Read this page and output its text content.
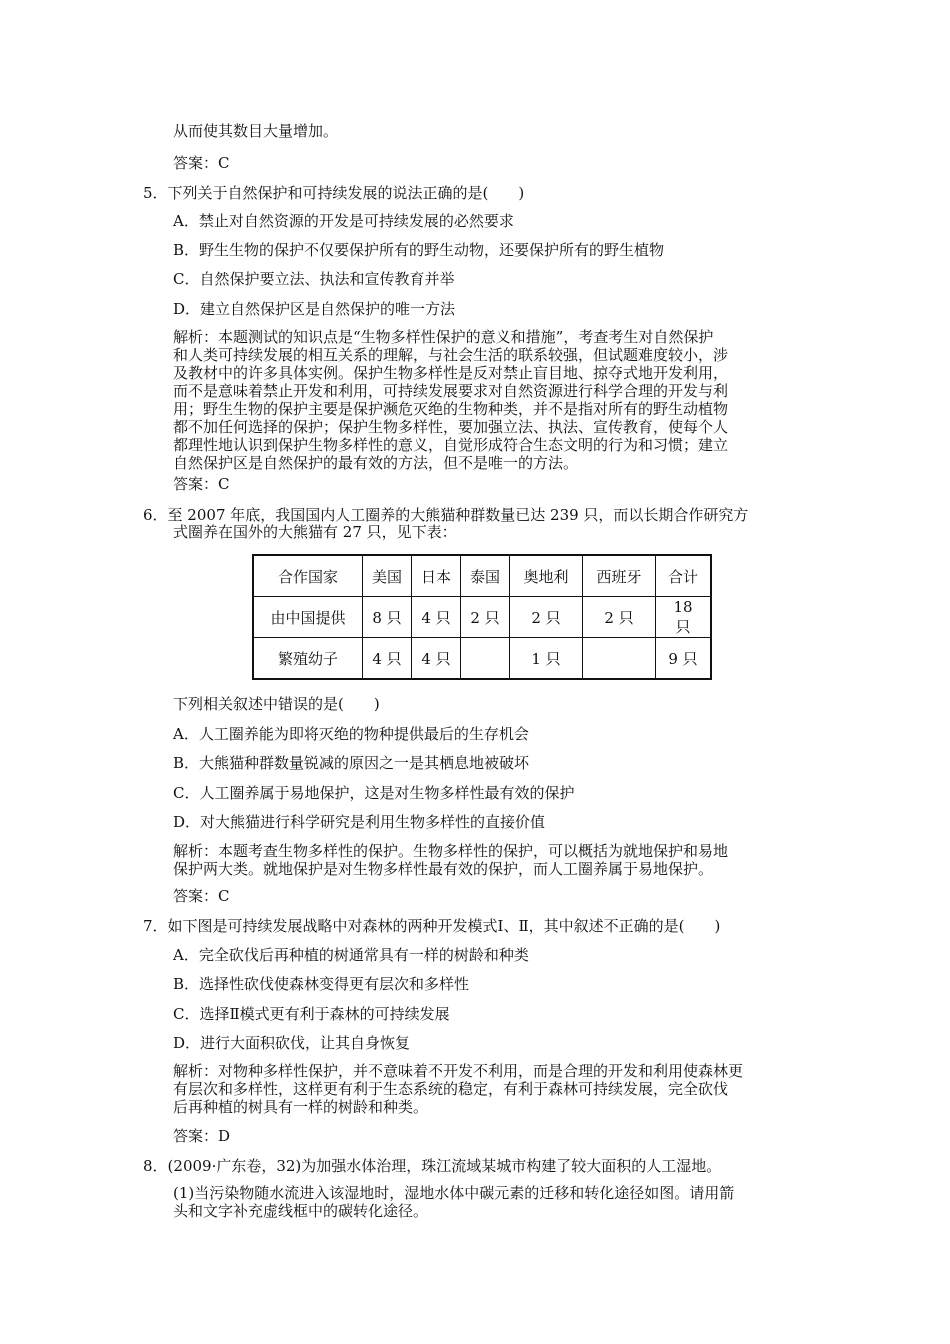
从而使其数目大量增加。
答案：C
5．下列关于自然保护和可持续发展的说法正确的是(　　)
A．禁止对自然资源的开发是可持续发展的必然要求
B．野生生物的保护不仅要保护所有的野生动物，还要保护所有的野生植物
C．自然保护要立法、执法和宣传教育并举
D．建立自然保护区是自然保护的唯一方法
解析：本题测试的知识点是“生物多样性保护的意义和措施”，考查考生对自然保护
和人类可持续发展的相互关系的理解，与社会生活的联系较强，但试题难度较小，涉
及教材中的许多具体实例。保护生物多样性是反对禁止盲目地、掠夺式地开发利用，
而不是意味着禁止开发和利用，可持续发展要求对自然资源进行科学合理的开发与利
用；野生生物的保护主要是保护濒危灭绝的生物种类，并不是指对所有的野生动植物
都不加任何选择的保护；保护生物多样性，要加强立法、执法、宣传教育，使每个人
都理性地认识到保护生物多样性的意义，自觉形成符合生态文明的行为和习惯；建立
自然保护区是自然保护的最有效的方法，但不是唯一的方法。
答案：C
6．至 2007 年底，我国国内人工圈养的大熊猫种群数量已达 239 只，而以长期合作研究方
式圈养在国外的大熊猫有 27 只，见下表：
合作国家	美国	日本	泰国	奥地利	西班牙	合计
由中国提供	8 只	4 只	2 只	2 只	2 只	18 只
繁殖幼子	4 只	4 只		1 只		9 只
下列相关叙述中错误的是(　　)
A．人工圈养能为即将灭绝的物种提供最后的生存机会
B．大熊猫种群数量锐减的原因之一是其栖息地被破坏
C．人工圈养属于易地保护，这是对生物多样性最有效的保护
D．对大熊猫进行科学研究是利用生物多样性的直接价值
解析：本题考查生物多样性的保护。生物多样性的保护，可以概括为就地保护和易地
保护两大类。就地保护是对生物多样性最有效的保护，而人工圈养属于易地保护。
答案：C
7．如下图是可持续发展战略中对森林的两种开发模式Ⅰ、Ⅱ，其中叙述不正确的是(　　)
A．完全砍伐后再种植的树通常具有一样的树龄和种类
B．选择性砍伐使森林变得更有层次和多样性
C．选择Ⅱ模式更有利于森林的可持续发展
D．进行大面积砍伐，让其自身恢复
解析：对物种多样性保护，并不意味着不开发不利用，而是合理的开发和利用使森林更
有层次和多样性，这样更有利于生态系统的稳定，有利于森林可持续发展，完全砍伐
后再种植的树具有一样的树龄和种类。
答案：D
8．(2009·广东卷，32)为加强水体治理，珠江流域某城市构建了较大面积的人工湿地。
(1)当污染物随水流进入该湿地时，湿地水体中碳元素的迁移和转化途径如图。请用箭
头和文字补充虚线框中的碳转化途径。
